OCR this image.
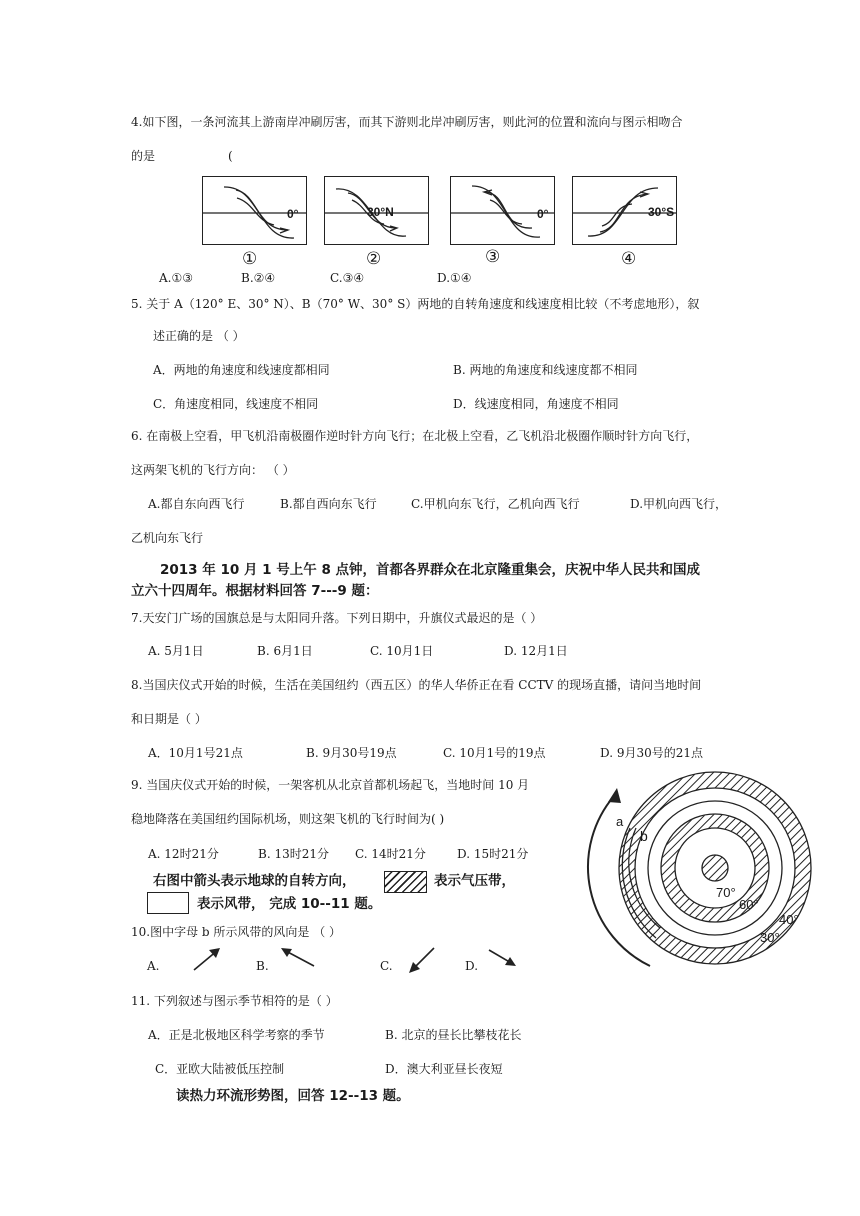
4.如下图，一条河流其上游南岸冲刷厉害，而其下游则北岸冲刷厉害，则此河的位置和流向与图示相吻合
的是	(
0°
①
30°N
②
0°
③
30°S
④
A.①③	B.②④	C.③④	D.①④
5. 关于 A（120° E、30° N）、B（70° W、30° S）两地的自转角速度和线速度相比较（不考虑地形），叙
述正确的是 （ ）
A．两地的角速度和线速度都相同	B. 两地的角速度和线速度都不相同
C．角速度相同，线速度不相同	D．线速度相同，角速度不相同
6. 在南极上空看，甲飞机沿南极圈作逆时针方向飞行；在北极上空看，乙飞机沿北极圈作顺时针方向飞行，
这两架飞机的飞行方向： （ ）
A.都自东向西飞行	B.都自西向东飞行	C.甲机向东飞行，乙机向西飞行	D.甲机向西飞行，
乙机向东飞行
2013 年 10 月 1 号上午 8 点钟，首都各界群众在北京隆重集会，庆祝中华人民共和国成
立六十四周年。根据材料回答 7---9 题：
7.天安门广场的国旗总是与太阳同升落。下列日期中，升旗仪式最迟的是（ ）
A. 5月1日	B. 6月1日	C. 10月1日	D. 12月1日
8.当国庆仪式开始的时候，生活在美国纽约（西五区）的华人华侨正在看 CCTV 的现场直播，请问当地时间
和日期是（ ）
A．10月1号21点	B. 9月30号19点	C. 10月1号的19点	D. 9月30号的21点
9. 当国庆仪式开始的时候，一架客机从北京首都机场起飞，当地时间 10 月
稳地降落在美国纽约国际机场，则这架飞机的飞行时间为( )
A. 12时21分	B. 13时21分 C. 14时21分	D. 15时21分
右图中箭头表示地球的自转方向，	表示气压带，
表示风带， 完成 10--11 题。
10.图中字母 b 所示风带的风向是 （ ）
A.	B.	C.	D.
11. 下列叙述与图示季节相符的是（ ）
A．正是北极地区科学考察的季节	B. 北京的昼长比攀枝花长
C．亚欧大陆被低压控制	D．澳大利亚昼长夜短
读热力环流形势图，回答 12--13 题。
a
b
70°
60°
40°
30°
